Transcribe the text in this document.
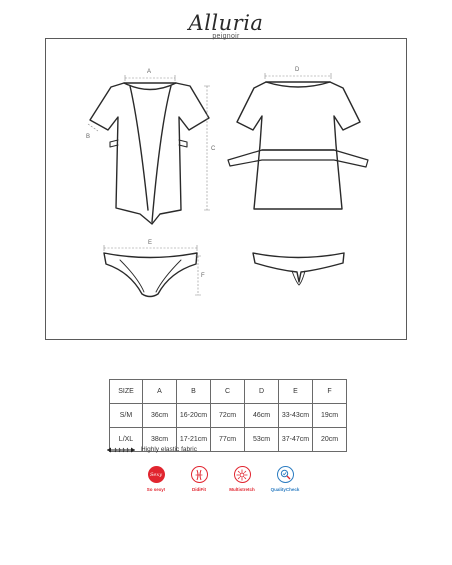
Alluria
peignoir
A
B
C
D
E
F
SIZE	A	B	C	D	E	F
S/M	36cm	16-20cm	72cm	46cm	33-43cm	19cm
L/XL	38cm	17-21cm	77cm	53cm	37-47cm	20cm
Highly elastic fabric
Sexy
So sexy!	DidiFit	Multistretch	QualityCheck
